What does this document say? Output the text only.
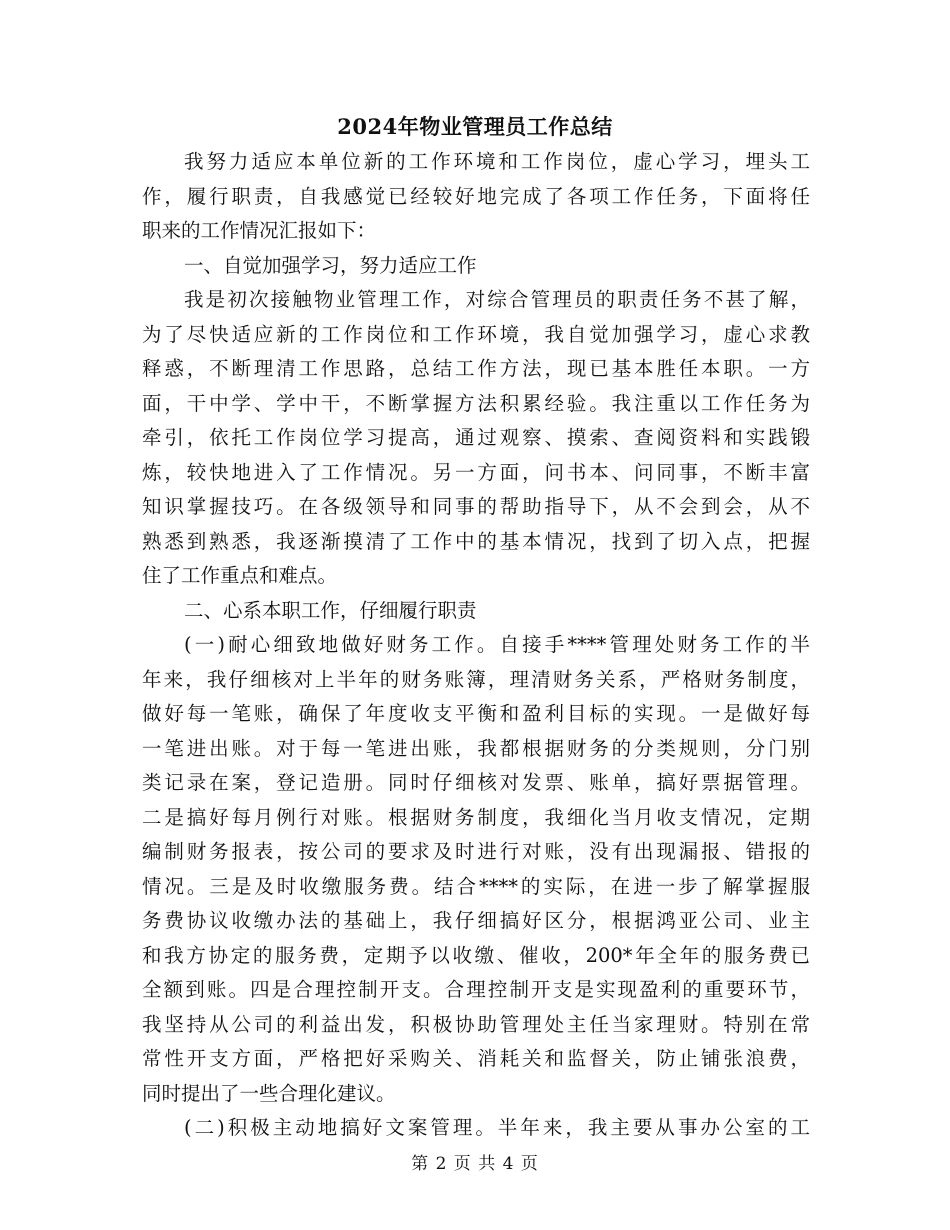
2024年物业管理员工作总结
我努力适应本单位新的工作环境和工作岗位，虚心学习，埋头工
作，履行职责，自我感觉已经较好地完成了各项工作任务，下面将任
职来的工作情况汇报如下：
一、自觉加强学习，努力适应工作
我是初次接触物业管理工作，对综合管理员的职责任务不甚了解，
为了尽快适应新的工作岗位和工作环境，我自觉加强学习，虚心求教
释惑，不断理清工作思路，总结工作方法，现已基本胜任本职。一方
面，干中学、学中干，不断掌握方法积累经验。我注重以工作任务为
牵引，依托工作岗位学习提高，通过观察、摸索、查阅资料和实践锻
炼，较快地进入了工作情况。另一方面，问书本、问同事，不断丰富
知识掌握技巧。在各级领导和同事的帮助指导下，从不会到会，从不
熟悉到熟悉，我逐渐摸清了工作中的基本情况，找到了切入点，把握
住了工作重点和难点。
二、心系本职工作，仔细履行职责
(一)耐心细致地做好财务工作。自接手****管理处财务工作的半
年来，我仔细核对上半年的财务账簿，理清财务关系，严格财务制度，
做好每一笔账，确保了年度收支平衡和盈利目标的实现。一是做好每
一笔进出账。对于每一笔进出账，我都根据财务的分类规则，分门别
类记录在案，登记造册。同时仔细核对发票、账单，搞好票据管理。
二是搞好每月例行对账。根据财务制度，我细化当月收支情况，定期
编制财务报表，按公司的要求及时进行对账，没有出现漏报、错报的
情况。三是及时收缴服务费。结合****的实际，在进一步了解掌握服
务费协议收缴办法的基础上，我仔细搞好区分，根据鸿亚公司、业主
和我方协定的服务费，定期予以收缴、催收，200*年全年的服务费已
全额到账。四是合理控制开支。合理控制开支是实现盈利的重要环节，
我坚持从公司的利益出发，积极协助管理处主任当家理财。特别在常
常性开支方面，严格把好采购关、消耗关和监督关，防止铺张浪费，
同时提出了一些合理化建议。
(二)积极主动地搞好文案管理。半年来，我主要从事办公室的工
第 2 页 共 4 页
